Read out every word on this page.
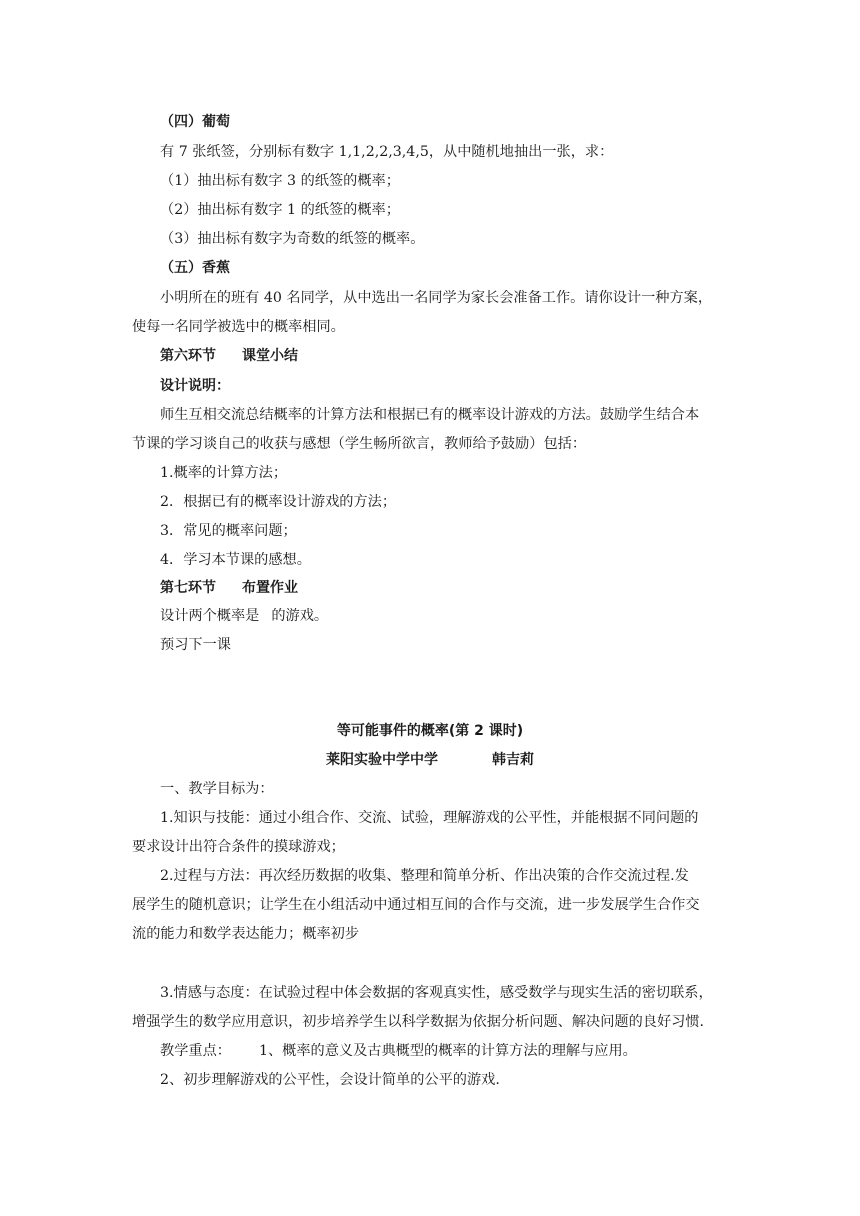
（四）葡萄
有 7 张纸签，分别标有数字 1,1,2,2,3,4,5，从中随机地抽出一张，求：
（1）抽出标有数字 3 的纸签的概率；
（2）抽出标有数字 1 的纸签的概率；
（3）抽出标有数字为奇数的纸签的概率。
（五）香蕉
小明所在的班有 40 名同学，从中选出一名同学为家长会准备工作。请你设计一种方案，
使每一名同学被选中的概率相同。
第六环节 课堂小结
设计说明：
师生互相交流总结概率的计算方法和根据已有的概率设计游戏的方法。鼓励学生结合本
节课的学习谈自己的收获与感想（学生畅所欲言，教师给予鼓励）包括：
1.概率的计算方法；
2．根据已有的概率设计游戏的方法；
3．常见的概率问题；
4．学习本节课的感想。
第七环节 布置作业
设计两个概率是 的游戏。
预习下一课
等可能事件的概率(第 2 课时)
莱阳实验中学中学	韩吉莉
一、教学目标为：
1.知识与技能：通过小组合作、交流、试验，理解游戏的公平性，并能根据不同问题的
要求设计出符合条件的摸球游戏；
2.过程与方法：再次经历数据的收集、整理和简单分析、作出决策的合作交流过程.发
展学生的随机意识；让学生在小组活动中通过相互间的合作与交流，进一步发展学生合作交
流的能力和数学表达能力；概率初步
3.情感与态度：在试验过程中体会数据的客观真实性，感受数学与现实生活的密切联系，
增强学生的数学应用意识，初步培养学生以科学数据为依据分析问题、解决问题的良好习惯.
教学重点： 1、概率的意义及古典概型的概率的计算方法的理解与应用。
2、初步理解游戏的公平性，会设计简单的公平的游戏.
